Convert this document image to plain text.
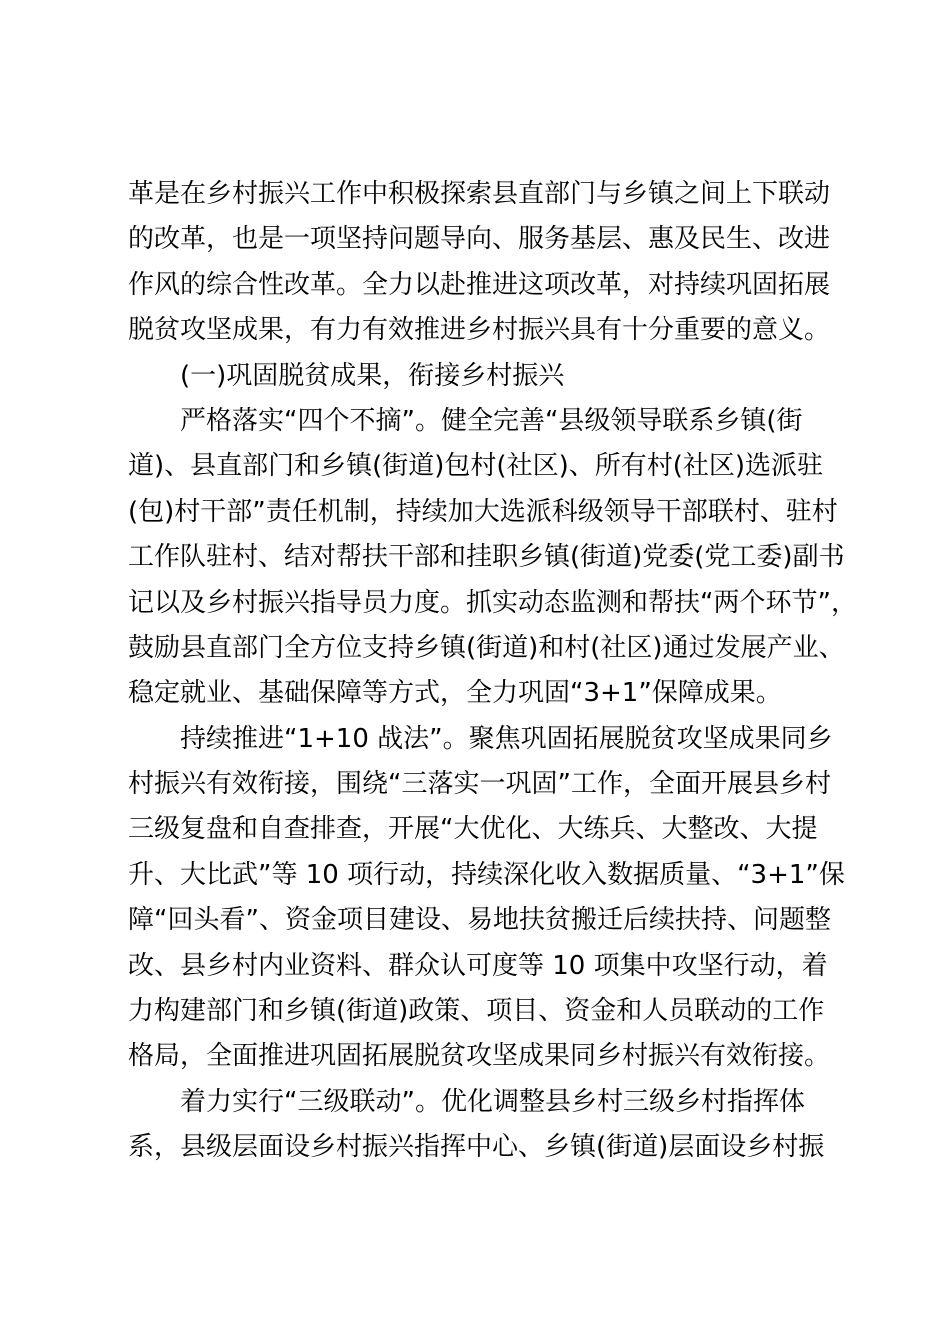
革是在乡村振兴工作中积极探索县直部门与乡镇之间上下联动
的改革，也是一项坚持问题导向、服务基层、惠及民生、改进
作风的综合性改革。全力以赴推进这项改革，对持续巩固拓展
脱贫攻坚成果，有力有效推进乡村振兴具有十分重要的意义。
(一)巩固脱贫成果，衔接乡村振兴
严格落实“四个不摘”。健全完善“县级领导联系乡镇(街
道)、县直部门和乡镇(街道)包村(社区)、所有村(社区)选派驻
(包)村干部”责任机制，持续加大选派科级领导干部联村、驻村
工作队驻村、结对帮扶干部和挂职乡镇(街道)党委(党工委)副书
记以及乡村振兴指导员力度。抓实动态监测和帮扶“两个环节”，
鼓励县直部门全方位支持乡镇(街道)和村(社区)通过发展产业、
稳定就业、基础保障等方式，全力巩固“3+1”保障成果。
持续推进“1+10 战法”。聚焦巩固拓展脱贫攻坚成果同乡
村振兴有效衔接，围绕“三落实一巩固”工作，全面开展县乡村
三级复盘和自查排查，开展“大优化、大练兵、大整改、大提
升、大比武”等 10 项行动，持续深化收入数据质量、“3+1”保
障“回头看”、资金项目建设、易地扶贫搬迁后续扶持、问题整
改、县乡村内业资料、群众认可度等 10 项集中攻坚行动，着
力构建部门和乡镇(街道)政策、项目、资金和人员联动的工作
格局，全面推进巩固拓展脱贫攻坚成果同乡村振兴有效衔接。
着力实行“三级联动”。优化调整县乡村三级乡村指挥体
系，县级层面设乡村振兴指挥中心、乡镇(街道)层面设乡村振
